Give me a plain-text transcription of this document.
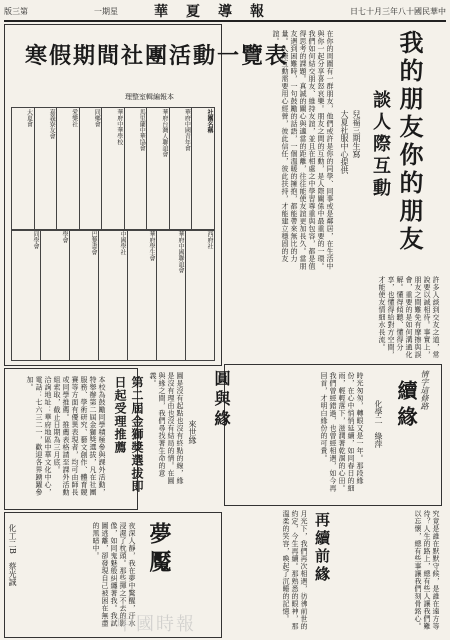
版三第	一期星	華夏導報	日七十月三年八十國民華中
寒假期間社團活動一覽表
理整室輯編報本
大夏會	嘉義寮友會	愛樂社	同鄉會	華府中華學校	馬里蘭中華協會	華府台灣人聯誼會	華府中國青年會	社團名稱
同學會	學會	巴黎書會	中國學社	華府學生會	華府中國聯誼會	西府社	我的朋友你的朋友
談人際互動
兒福三期生寫
大夏社服中心提供
在你的周圍有一群朋友，他們或許是你的同學、同事或是鄰居，在生活中與你一起分享喜怒哀樂。朋友之間的互動，是人際關係中最重要的一環。我們如何結交朋友、維持友誼，並且在相處之中學習尊重與包容，都是值得思考的課題。真誠的關心與適當的距離，往往能使友誼更加長久。當朋友遇到困難時，一句鼓勵的話語，一個溫暖的擁抱，都能帶來無比的力量。人際互動需要用心經營，彼此信任，彼此扶持，才能建立穩固的友誼。
許多人談到交友之道，常說要以誠相待。事實上，朋友之間難免有摩擦與誤會，重要的是如何溝通化解。懂得傾聽、懂得分享，也懂得給對方空間，才能使友情細水長流。
情字這條路
續緣
化學二　綠萍
時光匆匆，轉眼又是一年。那段緣份，在心中悄悄延續，如同春日的細雨，輕輕落下，滋潤著乾涸的心田。我們曾經錯過，也曾經相遇，如今再回首，才明白緣份的可貴。
圓與緣
來世緣
圓是沒有起點也沒有終點的線，緣是沒有理由也沒有結局的情。在圓與緣之間，我們尋找著生命的意義。
再續前緣
月光下，我們再次相遇，彷彿前世的約定，今生再續。那熟悉的眼神，那溫柔的笑容，喚起了沉睡的記憶。	究竟是誰在默默守候，是誰在遠方等待？人生的路上，總有些人讓我們難以忘懷，總有些事讓我們刻骨銘心。
第二屆金獅獎選拔即日起受理推薦
本校為鼓勵同學積極參與課外活動，特舉辦第二屆金獅獎選拔，凡在社團服務、學術研究、藝文創作、體育競賽等方面有優異表現者，均可由師長或同學推薦。推薦表格請至課外活動組索取，截止日期為三月底。
洽詢地址：華府地區中華文化中心，電話：七六三二一，歡迎各界踴躍參加。
夢魘
化工二B　蔡光誠	夜深人靜，我在夢中驚醒，汗水浸濕了枕頭。那些揮之不去的影像，如同鬼魅般糾纏著我。我試圖逃離，卻發現自己被困在無盡的黑暗中。
中國時報
